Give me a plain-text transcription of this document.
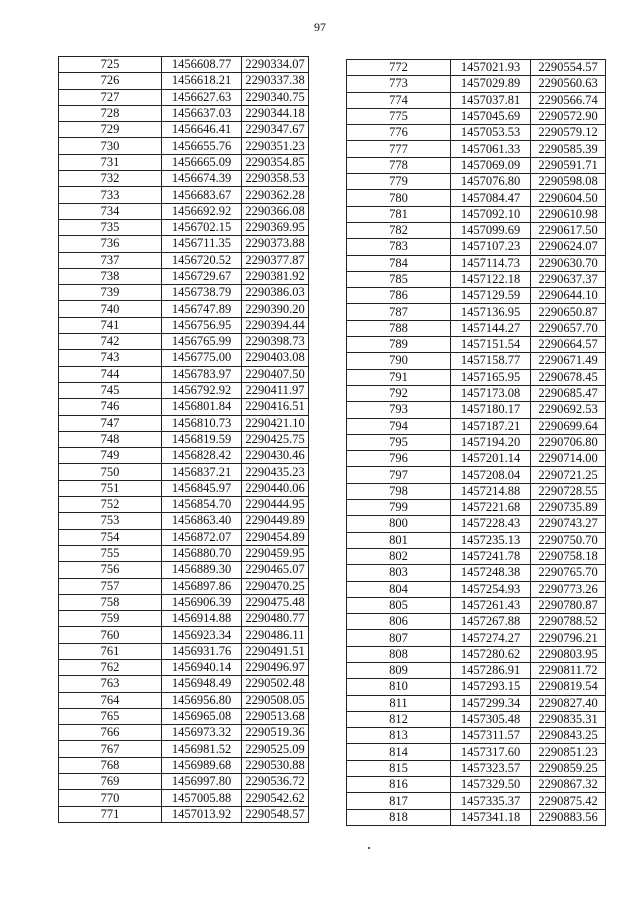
97
725	1456608.77	2290334.07
726	1456618.21	2290337.38
727	1456627.63	2290340.75
728	1456637.03	2290344.18
729	1456646.41	2290347.67
730	1456655.76	2290351.23
731	1456665.09	2290354.85
732	1456674.39	2290358.53
733	1456683.67	2290362.28
734	1456692.92	2290366.08
735	1456702.15	2290369.95
736	1456711.35	2290373.88
737	1456720.52	2290377.87
738	1456729.67	2290381.92
739	1456738.79	2290386.03
740	1456747.89	2290390.20
741	1456756.95	2290394.44
742	1456765.99	2290398.73
743	1456775.00	2290403.08
744	1456783.97	2290407.50
745	1456792.92	2290411.97
746	1456801.84	2290416.51
747	1456810.73	2290421.10
748	1456819.59	2290425.75
749	1456828.42	2290430.46
750	1456837.21	2290435.23
751	1456845.97	2290440.06
752	1456854.70	2290444.95
753	1456863.40	2290449.89
754	1456872.07	2290454.89
755	1456880.70	2290459.95
756	1456889.30	2290465.07
757	1456897.86	2290470.25
758	1456906.39	2290475.48
759	1456914.88	2290480.77
760	1456923.34	2290486.11
761	1456931.76	2290491.51
762	1456940.14	2290496.97
763	1456948.49	2290502.48
764	1456956.80	2290508.05
765	1456965.08	2290513.68
766	1456973.32	2290519.36
767	1456981.52	2290525.09
768	1456989.68	2290530.88
769	1456997.80	2290536.72
770	1457005.88	2290542.62
771	1457013.92	2290548.57
772	1457021.93	2290554.57
773	1457029.89	2290560.63
774	1457037.81	2290566.74
775	1457045.69	2290572.90
776	1457053.53	2290579.12
777	1457061.33	2290585.39
778	1457069.09	2290591.71
779	1457076.80	2290598.08
780	1457084.47	2290604.50
781	1457092.10	2290610.98
782	1457099.69	2290617.50
783	1457107.23	2290624.07
784	1457114.73	2290630.70
785	1457122.18	2290637.37
786	1457129.59	2290644.10
787	1457136.95	2290650.87
788	1457144.27	2290657.70
789	1457151.54	2290664.57
790	1457158.77	2290671.49
791	1457165.95	2290678.45
792	1457173.08	2290685.47
793	1457180.17	2290692.53
794	1457187.21	2290699.64
795	1457194.20	2290706.80
796	1457201.14	2290714.00
797	1457208.04	2290721.25
798	1457214.88	2290728.55
799	1457221.68	2290735.89
800	1457228.43	2290743.27
801	1457235.13	2290750.70
802	1457241.78	2290758.18
803	1457248.38	2290765.70
804	1457254.93	2290773.26
805	1457261.43	2290780.87
806	1457267.88	2290788.52
807	1457274.27	2290796.21
808	1457280.62	2290803.95
809	1457286.91	2290811.72
810	1457293.15	2290819.54
811	1457299.34	2290827.40
812	1457305.48	2290835.31
813	1457311.57	2290843.25
814	1457317.60	2290851.23
815	1457323.57	2290859.25
816	1457329.50	2290867.32
817	1457335.37	2290875.42
818	1457341.18	2290883.56
